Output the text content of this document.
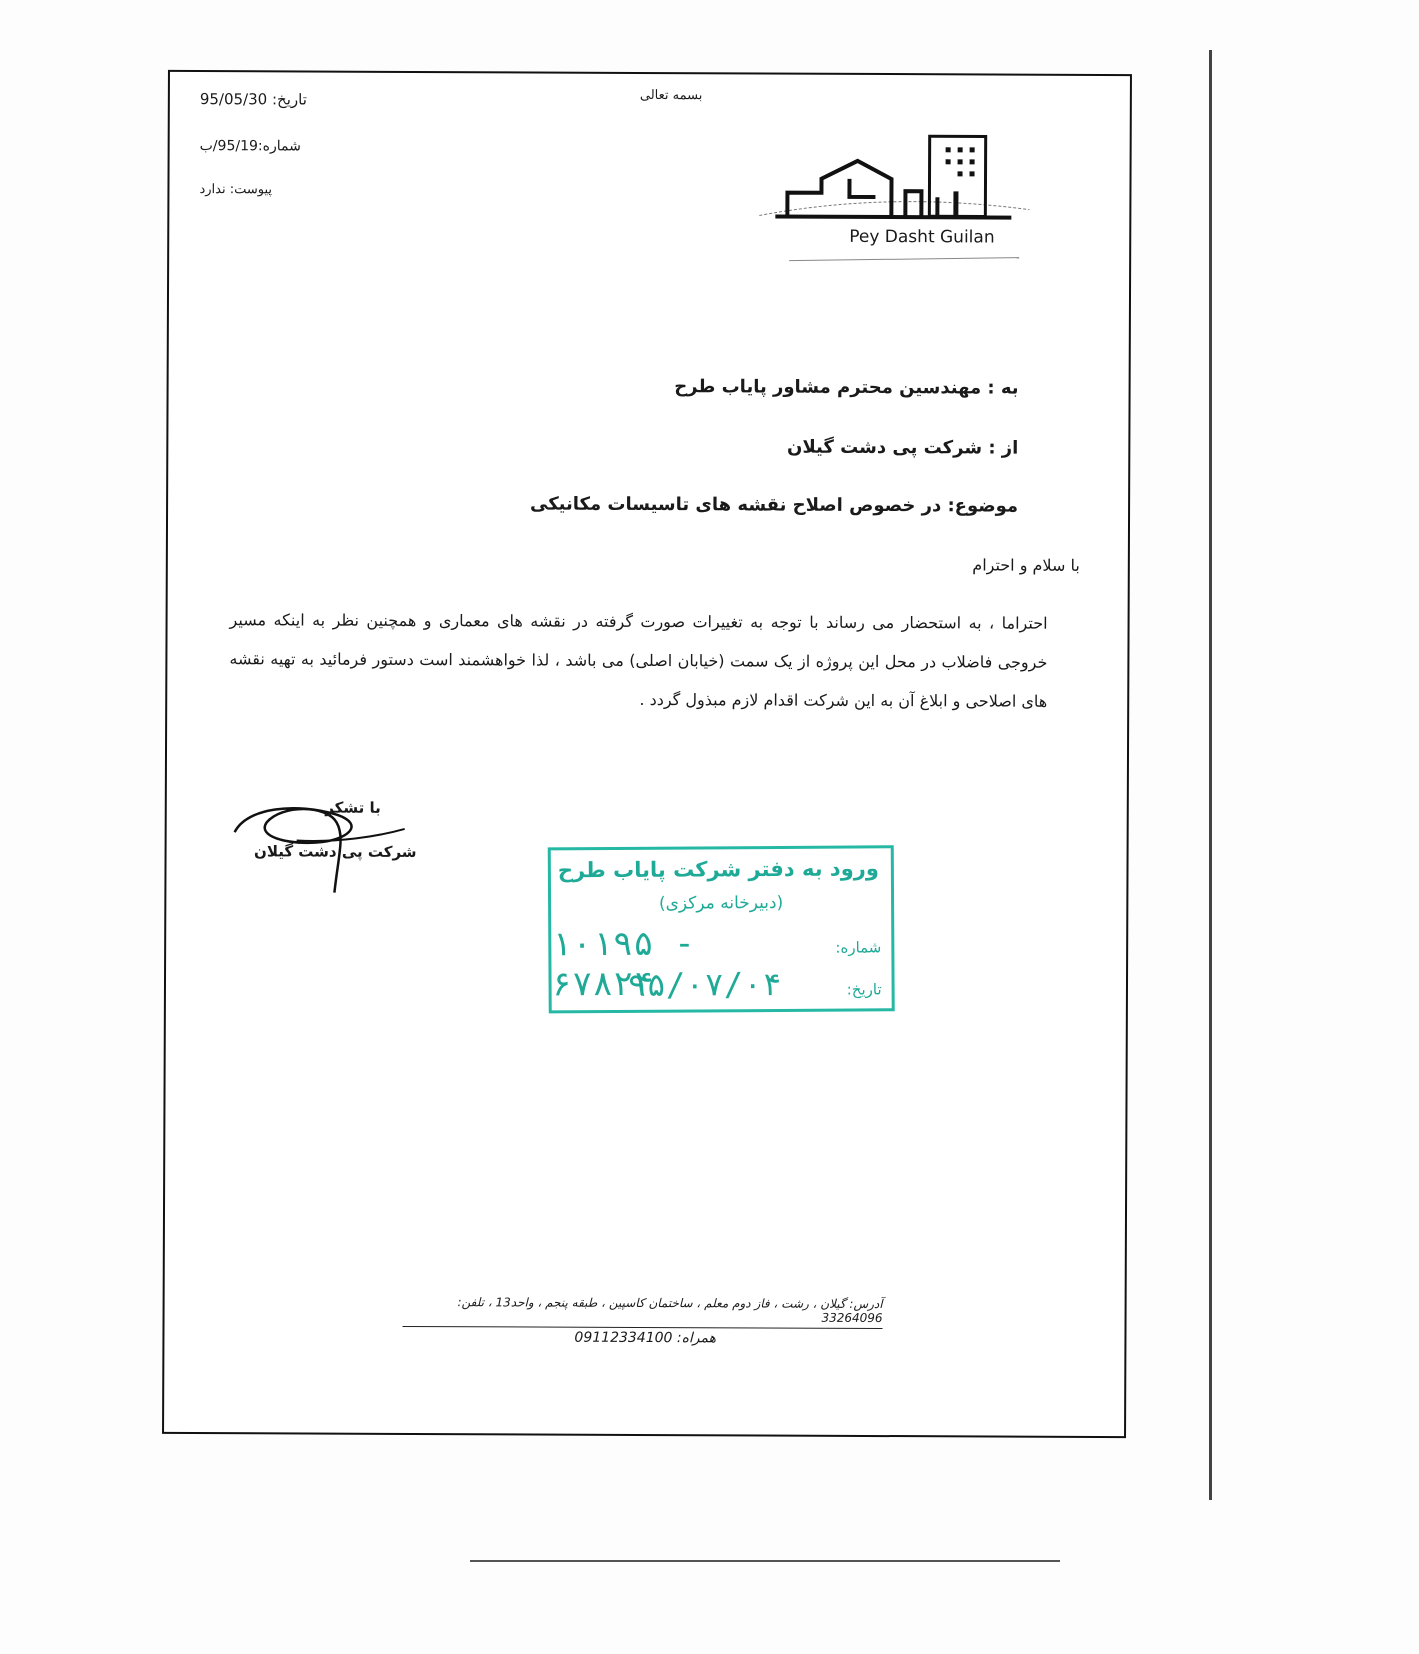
بسمه تعالی
تاریخ: 95/05/30
شماره:95/19/ب
پیوست: ندارد
Pey Dasht Guilan
به : مهندسین محترم مشاور پایاب طرح
از : شرکت پی دشت گیلان
موضوع: در خصوص اصلاح نقشه های تاسیسات مکانیکی
با سلام و احترام
احتراما ، به استحضار می رساند با توجه به تغییرات صورت گرفته در نقشه های معماری و همچنین نظر به اینکه مسیر خروجی فاضلاب در محل این پروژه از یک سمت (خیابان اصلی) می باشد ، لذا خواهشمند است دستور فرمائید به تهیه نقشه های اصلاحی و ابلاغ آن به این شرکت اقدام لازم مبذول گردد .
با تشکر
شرکت پی دشت گیلان
ورود به دفتر شرکت پایاب طرح
(دبیرخانه مرکزی)
شماره:
۱۰۱۹۵ - ۶۷۸۲۴	تاریخ:
۹۵/۰۷/۰۴
آدرس: گیلان ، رشت ، فاز دوم معلم ، ساختمان کاسپین ، طبقه پنجم ، واحد13 ، تلفن: 33264096
همراه: 09112334100
